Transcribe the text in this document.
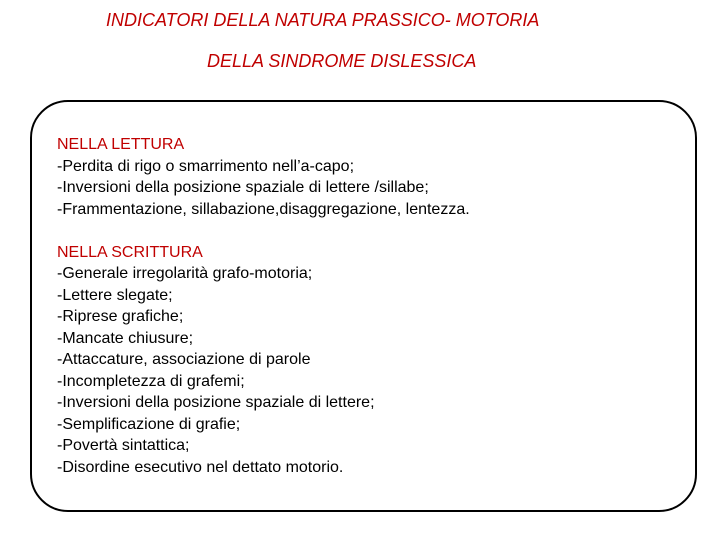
INDICATORI DELLA NATURA PRASSICO- MOTORIA
DELLA SINDROME DISLESSICA
NELLA LETTURA
-Perdita di rigo o smarrimento nell’a-capo;
-Inversioni della posizione spaziale di lettere /sillabe;
-Frammentazione, sillabazione,disaggregazione, lentezza.
NELLA SCRITTURA
-Generale irregolarità grafo-motoria;
-Lettere slegate;
-Riprese grafiche;
-Mancate chiusure;
-Attaccature, associazione di parole
-Incompletezza di grafemi;
-Inversioni della posizione spaziale di lettere;
-Semplificazione di grafie;
-Povertà sintattica;
-Disordine esecutivo nel dettato motorio.
